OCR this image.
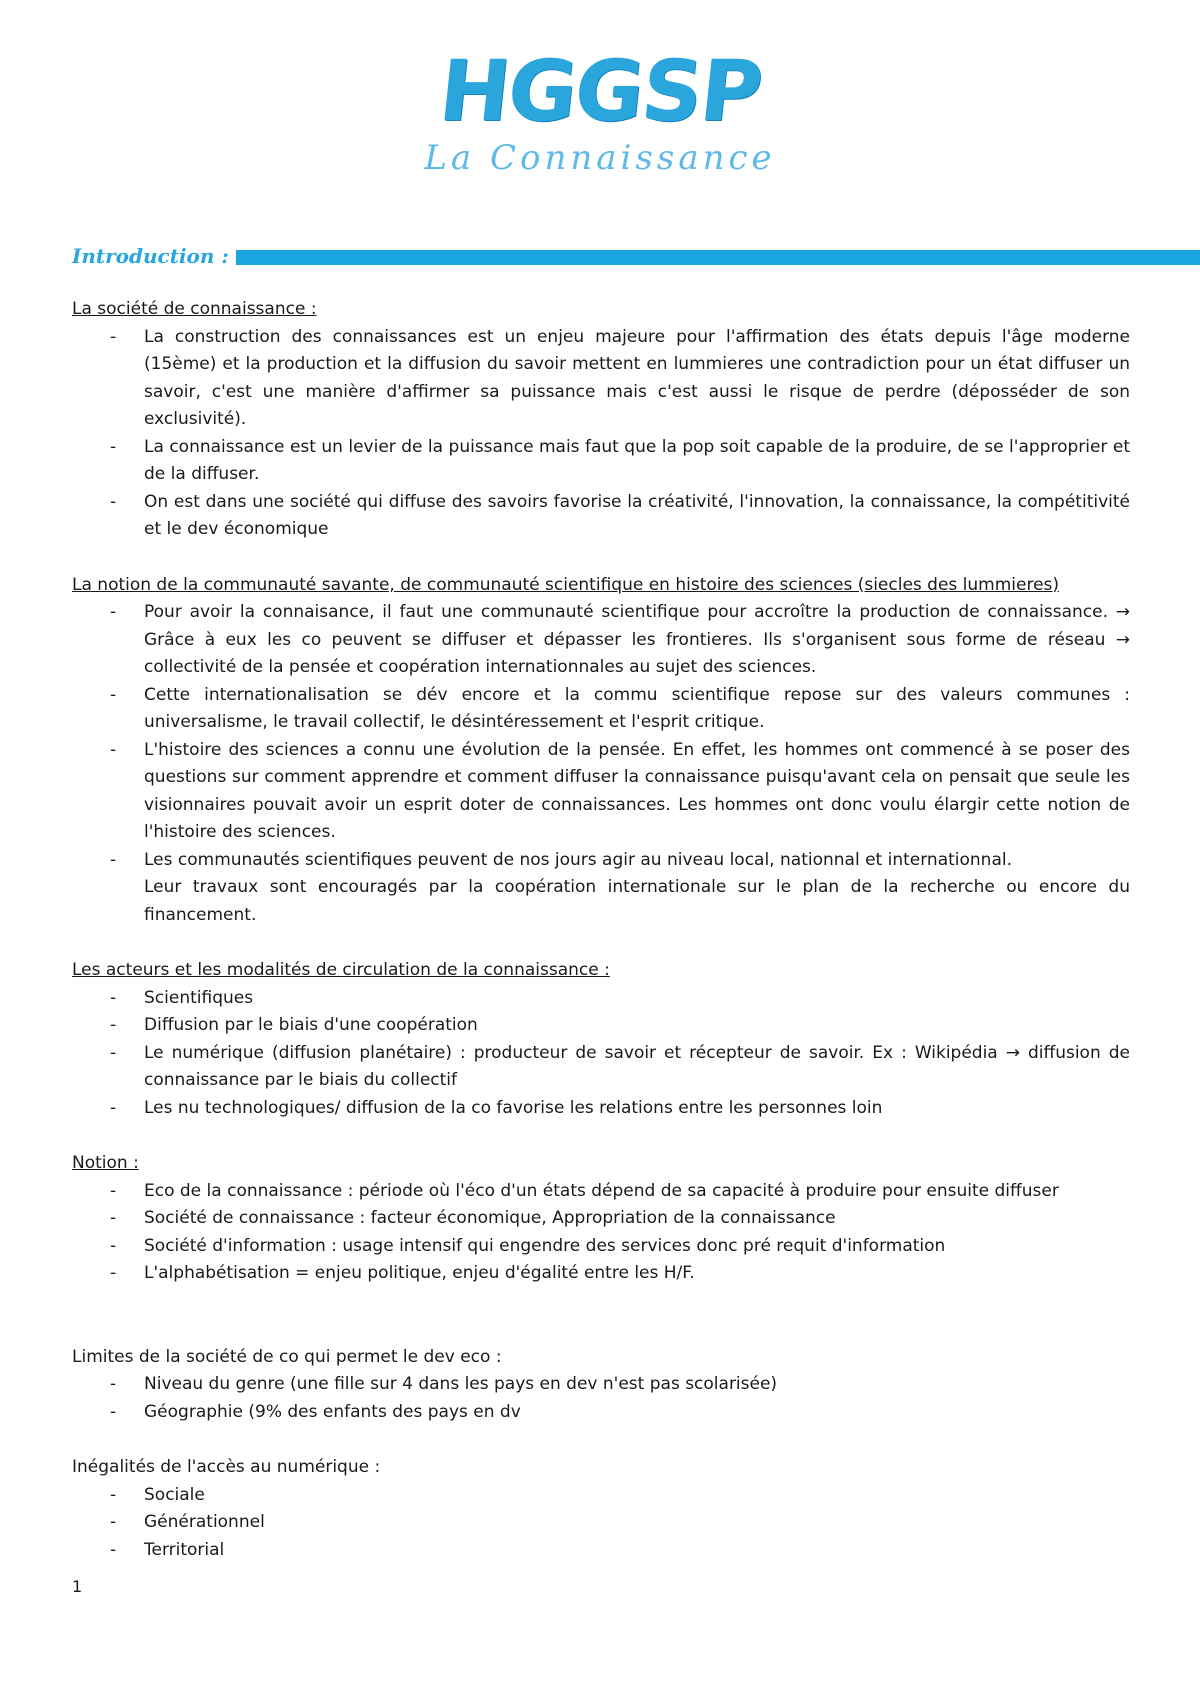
HGGSP
La Connaissance
Introduction :
La société de connaissance :
- La construction des connaissances est un enjeu majeure pour l'affirmation des états depuis l'âge moderne (15ème) et la production et la diffusion du savoir mettent en lummieres une contradiction pour un état diffuser un savoir, c'est une manière d'affirmer sa puissance mais c'est aussi le risque de perdre (déposséder de son exclusivité).
- La connaissance est un levier de la puissance mais faut que la pop soit capable de la produire, de se l'approprier et de la diffuser.
- On est dans une société qui diffuse des savoirs favorise la créativité, l'innovation, la connaissance, la compétitivité et le dev économique
La notion de la communauté savante, de communauté scientifique en histoire des sciences (siecles des lummieres)
- Pour avoir la connaisance, il faut une communauté scientifique pour accroître la production de connaissance. → Grâce à eux les co peuvent se diffuser et dépasser les frontieres. Ils s'organisent sous forme de réseau → collectivité de la pensée et coopération internationnales au sujet des sciences.
- Cette internationalisation se dév encore et la commu scientifique repose sur des valeurs communes : universalisme, le travail collectif, le désintéressement et l'esprit critique.
- L'histoire des sciences a connu une évolution de la pensée. En effet, les hommes ont commencé à se poser des questions sur comment apprendre et comment diffuser la connaissance puisqu'avant cela on pensait que seule les visionnaires pouvait avoir un esprit doter de connaissances. Les hommes ont donc voulu élargir cette notion de l'histoire des sciences.
- Les communautés scientifiques peuvent de nos jours agir au niveau local, nationnal et internationnal.
Leur travaux sont encouragés par la coopération internationale sur le plan de la recherche ou encore du financement.
Les acteurs et les modalités de circulation de la connaissance :
- Scientifiques
- Diffusion par le biais d'une coopération
- Le numérique (diffusion planétaire) : producteur de savoir et récepteur de savoir. Ex : Wikipédia → diffusion de connaissance par le biais du collectif
- Les nu technologiques/ diffusion de la co favorise les relations entre les personnes loin
Notion :
- Eco de la connaissance : période où l'éco d'un états dépend de sa capacité à produire pour ensuite diffuser
- Société de connaissance : facteur économique, Appropriation de la connaissance
- Société d'information : usage intensif qui engendre des services donc pré requit d'information
- L'alphabétisation = enjeu politique, enjeu d'égalité entre les H/F.
Limites de la société de co qui permet le dev eco :
- Niveau du genre (une fille sur 4 dans les pays en dev n'est pas scolarisée)
- Géographie (9% des enfants des pays en dv
Inégalités de l'accès au numérique :
- Sociale
- Générationnel
- Territorial
1
